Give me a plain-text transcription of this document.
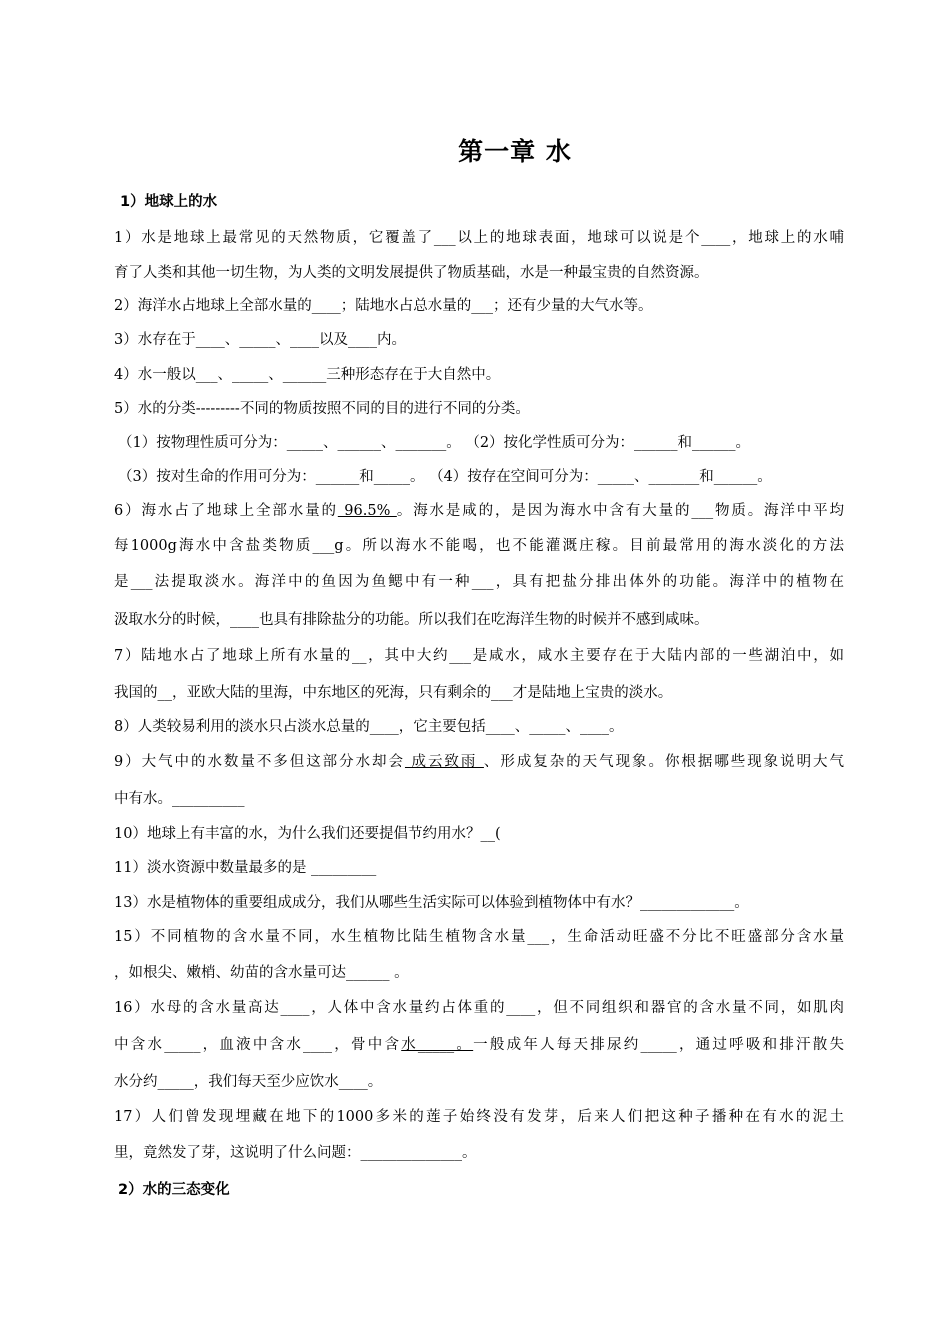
第一章 水
1）地球上的水
1）水是地球上最常见的天然物质，它覆盖了___以上的地球表面，地球可以说是个____，地球上的水哺
育了人类和其他一切生物，为人类的文明发展提供了物质基础，水是一种最宝贵的自然资源。
2）海洋水占地球上全部水量的____；陆地水占总水量的___；还有少量的大气水等。
3）水存在于____、_____、____以及____内。
4）水一般以___、_____、______三种形态存在于大自然中。
5）水的分类---------不同的物质按照不同的目的进行不同的分类。
（1）按物理性质可分为：_____、______、_______。 （2）按化学性质可分为：______和______。
（3）按对生命的作用可分为：______和_____。 （4）按存在空间可分为：_____、_______和______。
6）海水占了地球上全部水量的 96.5% 。海水是咸的，是因为海水中含有大量的___物质。海洋中平均
每1000g海水中含盐类物质___g。所以海水不能喝，也不能灌溉庄稼。目前最常用的海水淡化的方法
是___法提取淡水。海洋中的鱼因为鱼鳃中有一种___，具有把盐分排出体外的功能。海洋中的植物在
汲取水分的时候，____也具有排除盐分的功能。所以我们在吃海洋生物的时候并不感到咸味。
7）陆地水占了地球上所有水量的__，其中大约___是咸水，咸水主要存在于大陆内部的一些湖泊中，如
我国的__，亚欧大陆的里海，中东地区的死海，只有剩余的___才是陆地上宝贵的淡水。
8）人类较易利用的淡水只占淡水总量的____，它主要包括____、_____、____。
9）大气中的水数量不多但这部分水却会 成云致雨 、形成复杂的天气现象。你根据哪些现象说明大气
中有水。__________
10）地球上有丰富的水，为什么我们还要提倡节约用水？__(
11）淡水资源中数量最多的是 _________
13）水是植物体的重要组成成分，我们从哪些生活实际可以体验到植物体中有水？_____________。
15）不同植物的含水量不同，水生植物比陆生植物含水量___，生命活动旺盛不分比不旺盛部分含水量
，如根尖、嫩梢、幼苗的含水量可达______ 。
16）水母的含水量高达____，人体中含水量约占体重的____，但不同组织和器官的含水量不同，如肌肉
中含水_____，血液中含水____，骨中含水_____。一般成年人每天排尿约_____，通过呼吸和排汗散失
水分约_____，我们每天至少应饮水____。
17）人们曾发现埋藏在地下的1000多米的莲子始终没有发芽，后来人们把这种子播种在有水的泥土
里，竟然发了芽，这说明了什么问题：______________。
2）水的三态变化
